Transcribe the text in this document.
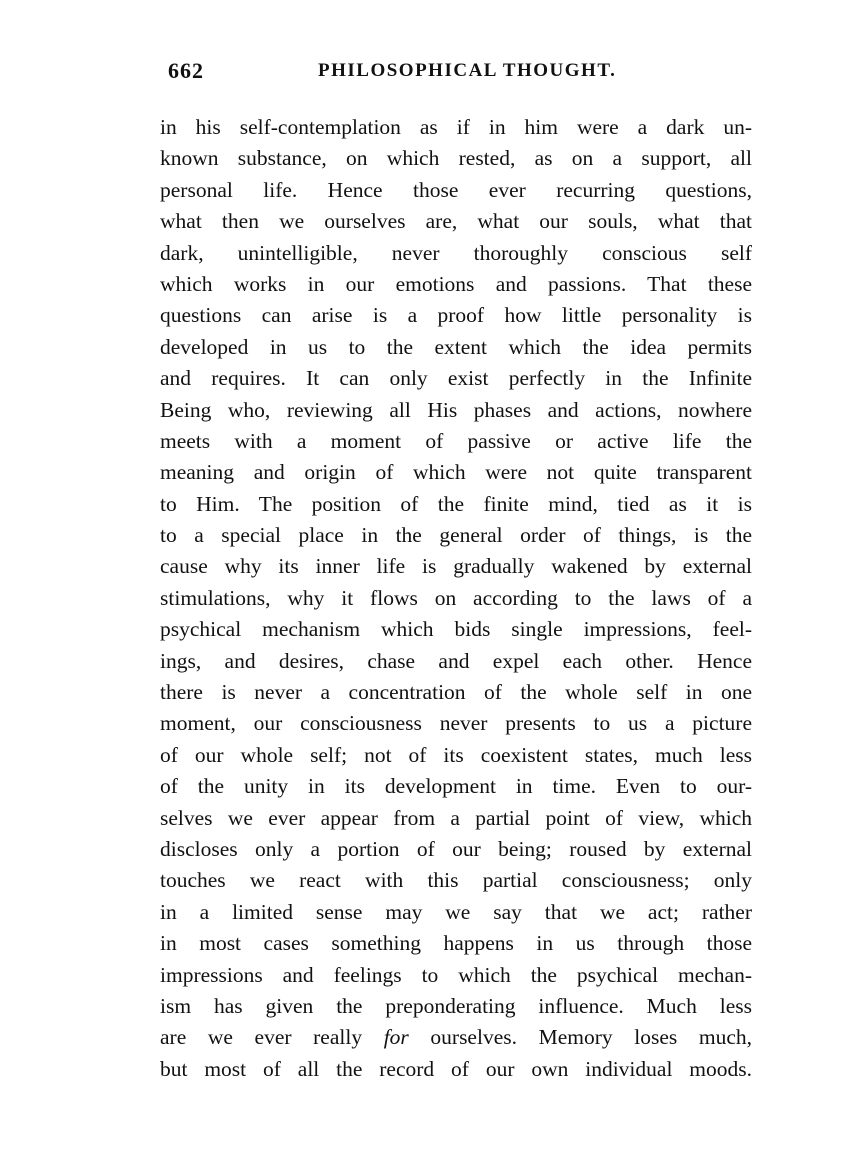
662	PHILOSOPHICAL THOUGHT.
in his self-contemplation as if in him were a dark un-
known substance, on which rested, as on a support, all
personal life. Hence those ever recurring questions,
what then we ourselves are, what our souls, what that
dark, unintelligible, never thoroughly conscious self
which works in our emotions and passions. That these
questions can arise is a proof how little personality is
developed in us to the extent which the idea permits
and requires. It can only exist perfectly in the Infinite
Being who, reviewing all His phases and actions, nowhere
meets with a moment of passive or active life the
meaning and origin of which were not quite transparent
to Him. The position of the finite mind, tied as it is
to a special place in the general order of things, is the
cause why its inner life is gradually wakened by external
stimulations, why it flows on according to the laws of a
psychical mechanism which bids single impressions, feel-
ings, and desires, chase and expel each other. Hence
there is never a concentration of the whole self in one
moment, our consciousness never presents to us a picture
of our whole self; not of its coexistent states, much less
of the unity in its development in time. Even to our-
selves we ever appear from a partial point of view, which
discloses only a portion of our being; roused by external
touches we react with this partial consciousness; only
in a limited sense may we say that we act; rather
in most cases something happens in us through those
impressions and feelings to which the psychical mechan-
ism has given the preponderating influence. Much less
are we ever really for ourselves. Memory loses much,
but most of all the record of our own individual moods.
